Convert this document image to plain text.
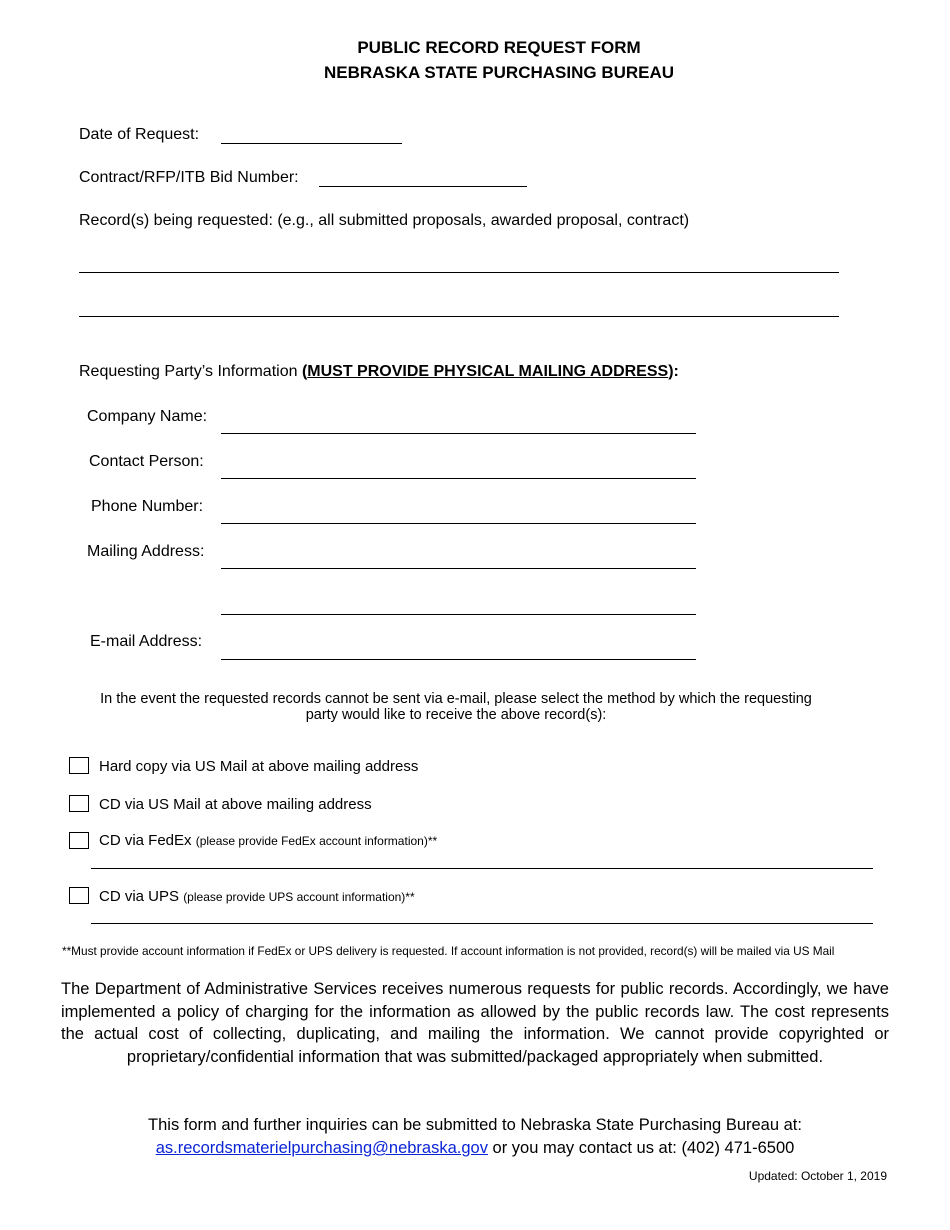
PUBLIC RECORD REQUEST FORM
NEBRASKA STATE PURCHASING BUREAU
Date of Request:
Contract/RFP/ITB Bid Number:
Record(s) being requested: (e.g., all submitted proposals, awarded proposal, contract)
Requesting Party’s Information (MUST PROVIDE PHYSICAL MAILING ADDRESS):
Company Name:
Contact Person:
Phone Number:
Mailing Address:
E-mail Address:
In the event the requested records cannot be sent via e-mail, please select the method by which the requesting party would like to receive the above record(s):
Hard copy via US Mail at above mailing address
CD via US Mail at above mailing address
CD via FedEx (please provide FedEx account information)**
CD via UPS (please provide UPS account information)**
**Must provide account information if FedEx or UPS delivery is requested. If account information is not provided, record(s) will be mailed via US Mail
The Department of Administrative Services receives numerous requests for public records. Accordingly, we have implemented a policy of charging for the information as allowed by the public records law. The cost represents the actual cost of collecting, duplicating, and mailing the information. We cannot provide copyrighted or proprietary/confidential information that was submitted/packaged appropriately when submitted.
This form and further inquiries can be submitted to Nebraska State Purchasing Bureau at:
as.recordsmaterielpurchasing@nebraska.gov or you may contact us at: (402) 471-6500
Updated: October 1, 2019
